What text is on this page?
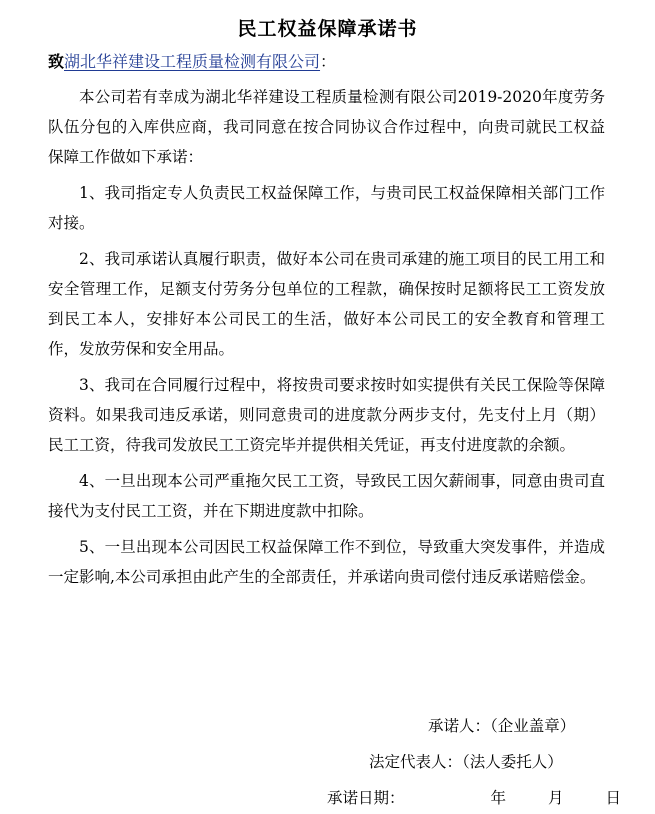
民工权益保障承诺书
致湖北华祥建设工程质量检测有限公司：

本公司若有幸成为湖北华祥建设工程质量检测有限公司2019-2020年度劳务队伍分包的入库供应商，我司同意在按合同协议合作过程中，向贵司就民工权益保障工作做如下承诺：

1、我司指定专人负责民工权益保障工作，与贵司民工权益保障相关部门工作对接。

2、我司承诺认真履行职责，做好本公司在贵司承建的施工项目的民工用工和安全管理工作，足额支付劳务分包单位的工程款，确保按时足额将民工工资发放到民工本人，安排好本公司民工的生活，做好本公司民工的安全教育和管理工作，发放劳保和安全用品。

3、我司在合同履行过程中，将按贵司要求按时如实提供有关民工保险等保障资料。如果我司违反承诺，则同意贵司的进度款分两步支付，先支付上月（期）民工工资，待我司发放民工工资完毕并提供相关凭证，再支付进度款的余额。

4、一旦出现本公司严重拖欠民工工资，导致民工因欠薪闹事，同意由贵司直接代为支付民工工资，并在下期进度款中扣除。

5、一旦出现本公司因民工权益保障工作不到位，导致重大突发事件，并造成一定影响,本公司承担由此产生的全部责任，并承诺向贵司偿付违反承诺赔偿金。

承诺人：（企业盖章）
法定代表人：（法人委托人）
承诺日期：	年	月	日
